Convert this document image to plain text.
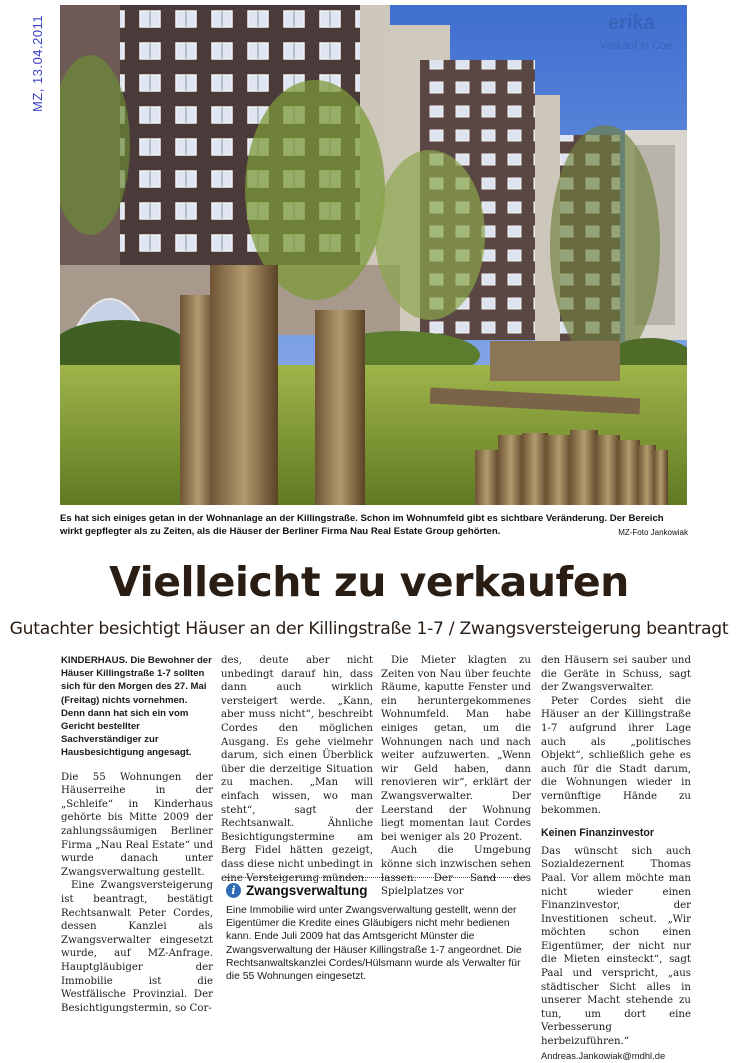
MZ, 13.04.2011	erika
Verkauf in Coe
Es hat sich einiges getan in der Wohnanlage an der Killingstraße. Schon im Wohnumfeld gibt es sichtbare Veränderung. Der Bereich wirkt gepflegter als zu Zeiten, als die Häuser der Berliner Firma Nau Real Estate Group gehörten.	MZ-Foto Jankowiak
Vielleicht zu verkaufen
Gutachter besichtigt Häuser an der Killingstraße 1-7 / Zwangsversteigerung beantragt

KINDERHAUS. Die Bewohner der Häuser Killingstraße 1-7 sollten sich für den Morgen des 27. Mai (Freitag) nichts vornehmen. Denn dann hat sich ein vom Gericht bestellter Sachverständiger zur Hausbesichtigung angesagt.

Die 55 Wohnungen der Häuserreihe in der „Schleife“ in Kinderhaus gehörte bis Mitte 2009 der zahlungssäumigen Berliner Firma „Nau Real Estate“ und wurde danach unter Zwangsverwaltung gestellt.

Eine Zwangsversteigerung ist beantragt, bestätigt Rechtsanwalt Peter Cordes, dessen Kanzlei als Zwangsverwalter eingesetzt wurde, auf MZ-Anfrage. Hauptgläubiger der Immobilie ist die Westfälische Provinzial. Der Besichtigungstermin, so Cor-

des, deute aber nicht unbedingt darauf hin, dass dann auch wirklich versteigert werde. „Kann, aber muss nicht“, beschreibt Cordes den möglichen Ausgang. Es gehe vielmehr darum, sich einen Überblick über die derzeitige Situation zu machen. „Man will einfach wissen, wo man steht“, sagt der Rechtsanwalt. Ähnliche Besichtigungstermine am Berg Fidel hätten gezeigt, dass diese nicht unbedingt in eine Versteigerung münden.

Die Mieter klagten zu Zeiten von Nau über feuchte Räume, kaputte Fenster und ein heruntergekommenes Wohnumfeld. Man habe einiges getan, um die Wohnungen nach und nach weiter aufzuwerten. „Wenn wir Geld haben, dann renovieren wir“, erklärt der Zwangsverwalter. Der Leerstand der Wohnung liegt momentan laut Cordes bei weniger als 20 Prozent.

Auch die Umgebung könne sich inzwischen sehen lassen. Der Sand des Spielplatzes vor

den Häusern sei sauber und die Geräte in Schuss, sagt der Zwangsverwalter.

Peter Cordes sieht die Häuser an der Killingstraße 1-7 aufgrund ihrer Lage auch als „politisches Objekt“, schließlich gehe es auch für die Stadt darum, die Wohnungen wieder in vernünftige Hände zu bekommen.

Keinen Finanzinvestor

Das wünscht sich auch Sozialdezernent Thomas Paal. Vor allem möchte man nicht wieder einen Finanzinvestor, der Investitionen scheut. „Wir möchten schon einen Eigentümer, der nicht nur die Mieten einsteckt“, sagt Paal und verspricht, „aus städtischer Sicht alles in unserer Macht stehende zu tun, um dort eine Verbesserung herbeizuführen.“ Andreas.Jankowiak@mdhl.de

i Zwangsverwaltung
Eine Immobilie wird unter Zwangsverwaltung gestellt, wenn der Eigentümer die Kredite eines Gläubigers nicht mehr bedienen kann. Ende Juli 2009 hat das Amtsgericht Münster die Zwangsverwaltung der Häuser Killingstraße 1-7 angeordnet. Die Rechtsanwaltskanzlei Cordes/Hülsmann wurde als Verwalter für die 55 Wohnungen eingesetzt.
